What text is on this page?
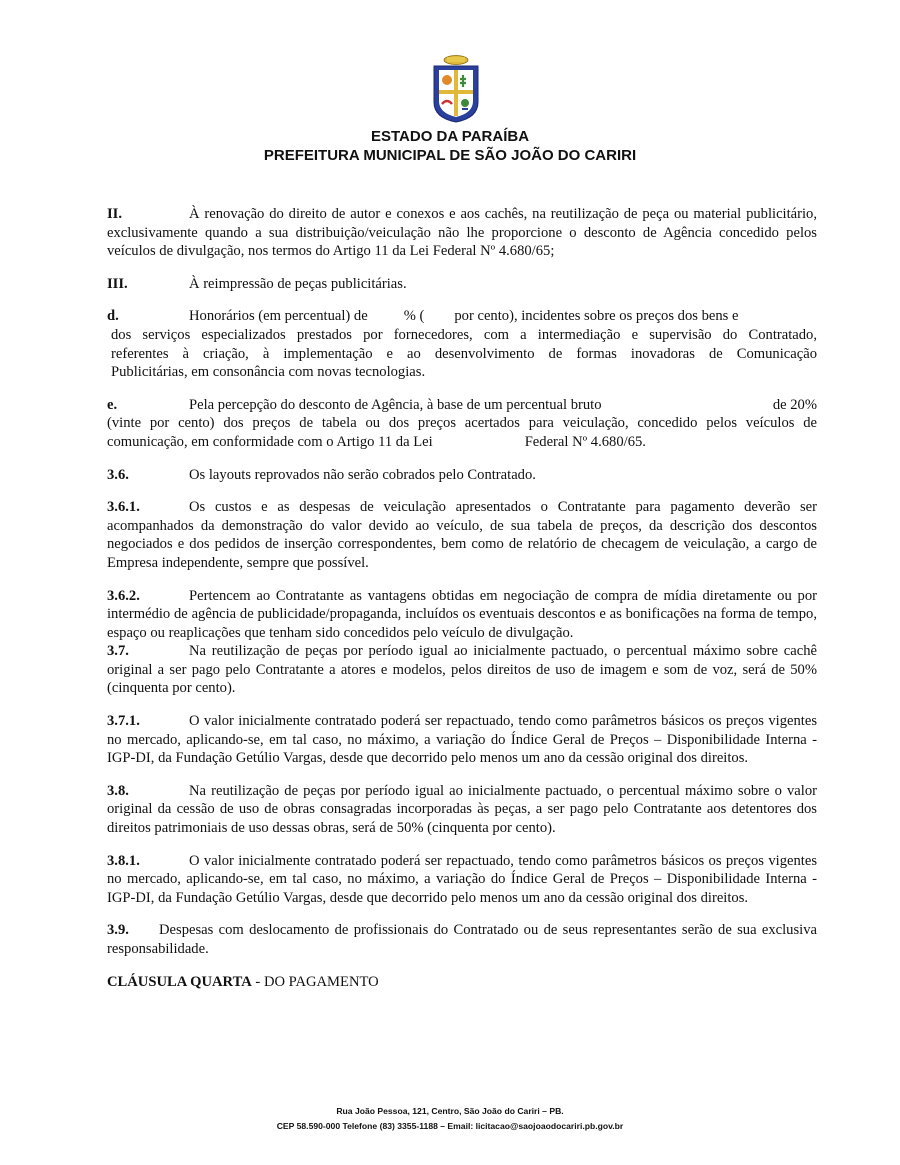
ESTADO DA PARAÍBA
PREFEITURA MUNICIPAL DE SÃO JOÃO DO CARIRI

II.	À renovação do direito de autor e conexos e aos cachês, na reutilização de peça ou material publicitário, exclusivamente quando a sua distribuição/veiculação não lhe proporcione o desconto de Agência concedido pelos veículos de divulgação, nos termos do Artigo 11 da Lei Federal Nº 4.680/65;

III.	À reimpressão de peças publicitárias.

d.	Honorários (em percentual) de % ( por cento), incidentes sobre os preços dos bens e
dos serviços especializados prestados por fornecedores, com a intermediação e supervisão do Contratado,
referentes à criação, à implementação e ao desenvolvimento de formas inovadoras de Comunicação
Publicitárias, em consonância com novas tecnologias.
e.	Pela percepção do desconto de Agência, à base de um percentual bruto	de 20%
(vinte por cento) dos preços de tabela ou dos preços acertados para veiculação, concedido pelos veículos de
comunicação, em conformidade com o Artigo 11 da Lei	Federal Nº 4.680/65.

3.6.	Os layouts reprovados não serão cobrados pelo Contratado.

3.6.1.	Os custos e as despesas de veiculação apresentados o Contratante para pagamento deverão ser acompanhados da demonstração do valor devido ao veículo, de sua tabela de preços, da descrição dos descontos negociados e dos pedidos de inserção correspondentes, bem como de relatório de checagem de veiculação, a cargo de Empresa independente, sempre que possível.

3.6.2.	Pertencem ao Contratante as vantagens obtidas em negociação de compra de mídia diretamente ou por intermédio de agência de publicidade/propaganda, incluídos os eventuais descontos e as bonificações na forma de tempo, espaço ou reaplicações que tenham sido concedidos pelo veículo de divulgação.

3.7.	Na reutilização de peças por período igual ao inicialmente pactuado, o percentual máximo sobre cachê original a ser pago pelo Contratante a atores e modelos, pelos direitos de uso de imagem e som de voz, será de 50% (cinquenta por cento).

3.7.1.	O valor inicialmente contratado poderá ser repactuado, tendo como parâmetros básicos os preços vigentes no mercado, aplicando-se, em tal caso, no máximo, a variação do Índice Geral de Preços – Disponibilidade Interna - IGP-DI, da Fundação Getúlio Vargas, desde que decorrido pelo menos um ano da cessão original dos direitos.

3.8.	Na reutilização de peças por período igual ao inicialmente pactuado, o percentual máximo sobre o valor original da cessão de uso de obras consagradas incorporadas às peças, a ser pago pelo Contratante aos detentores dos direitos patrimoniais de uso dessas obras, será de 50% (cinquenta por cento).

3.8.1.	O valor inicialmente contratado poderá ser repactuado, tendo como parâmetros básicos os preços vigentes no mercado, aplicando-se, em tal caso, no máximo, a variação do Índice Geral de Preços – Disponibilidade Interna - IGP-DI, da Fundação Getúlio Vargas, desde que decorrido pelo menos um ano da cessão original dos direitos.

3.9. Despesas com deslocamento de profissionais do Contratado ou de seus representantes serão de sua exclusiva responsabilidade.

CLÁUSULA QUARTA - DO PAGAMENTO

Rua João Pessoa, 121, Centro, São João do Cariri – PB.
CEP 58.590-000 Telefone (83) 3355-1188 – Email: licitacao@saojoaodocariri.pb.gov.br
